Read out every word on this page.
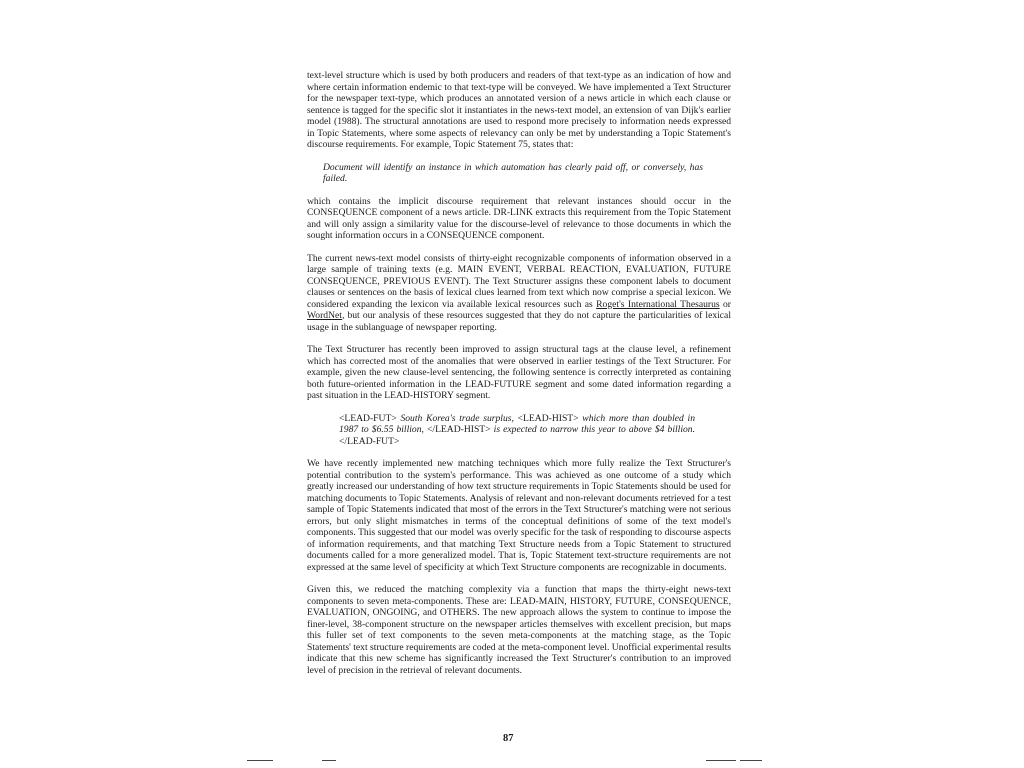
text-level structure which is used by both producers and readers of that text-type as an indication of how and where certain information endemic to that text-type will be conveyed. We have implemented a Text Structurer for the newspaper text-type, which produces an annotated version of a news article in which each clause or sentence is tagged for the specific slot it instantiates in the news-text model, an extension of van Dijk's earlier model (1988). The structural annotations are used to respond more precisely to information needs expressed in Topic Statements, where some aspects of relevancy can only be met by understanding a Topic Statement's discourse requirements. For example, Topic Statement 75, states that:

Document will identify an instance in which automation has clearly paid off, or conversely, has failed.

which contains the implicit discourse requirement that relevant instances should occur in the CONSEQUENCE component of a news article. DR-LINK extracts this requirement from the Topic Statement and will only assign a similarity value for the discourse-level of relevance to those documents in which the sought information occurs in a CONSEQUENCE component.

The current news-text model consists of thirty-eight recognizable components of information observed in a large sample of training texts (e.g. MAIN EVENT, VERBAL REACTION, EVALUATION, FUTURE CONSEQUENCE, PREVIOUS EVENT). The Text Structurer assigns these component labels to document clauses or sentences on the basis of lexical clues learned from text which now comprise a special lexicon. We considered expanding the lexicon via available lexical resources such as Roget's International Thesaurus or WordNet, but our analysis of these resources suggested that they do not capture the particularities of lexical usage in the sublanguage of newspaper reporting.

The Text Structurer has recently been improved to assign structural tags at the clause level, a refinement which has corrected most of the anomalies that were observed in earlier testings of the Text Structurer. For example, given the new clause-level sentencing, the following sentence is correctly interpreted as containing both future-oriented information in the LEAD-FUTURE segment and some dated information regarding a past situation in the LEAD-HISTORY segment.

<LEAD-FUT> South Korea's trade surplus, <LEAD-HIST> which more than doubled in 1987 to $6.55 billion, </LEAD-HIST> is expected to narrow this year to above $4 billion. </LEAD-FUT>

We have recently implemented new matching techniques which more fully realize the Text Structurer's potential contribution to the system's performance. This was achieved as one outcome of a study which greatly increased our understanding of how text structure requirements in Topic Statements should be used for matching documents to Topic Statements. Analysis of relevant and non-relevant documents retrieved for a test sample of Topic Statements indicated that most of the errors in the Text Structurer's matching were not serious errors, but only slight mismatches in terms of the conceptual definitions of some of the text model's components. This suggested that our model was overly specific for the task of responding to discourse aspects of information requirements, and that matching Text Structure needs from a Topic Statement to structured documents called for a more generalized model. That is, Topic Statement text-structure requirements are not expressed at the same level of specificity at which Text Structure components are recognizable in documents.

Given this, we reduced the matching complexity via a function that maps the thirty-eight news-text components to seven meta-components. These are: LEAD-MAIN, HISTORY, FUTURE, CONSEQUENCE, EVALUATION, ONGOING, and OTHERS. The new approach allows the system to continue to impose the finer-level, 38-component structure on the newspaper articles themselves with excellent precision, but maps this fuller set of text components to the seven meta-components at the matching stage, as the Topic Statements' text structure requirements are coded at the meta-component level. Unofficial experimental results indicate that this new scheme has significantly increased the Text Structurer's contribution to an improved level of precision in the retrieval of relevant documents.

87
